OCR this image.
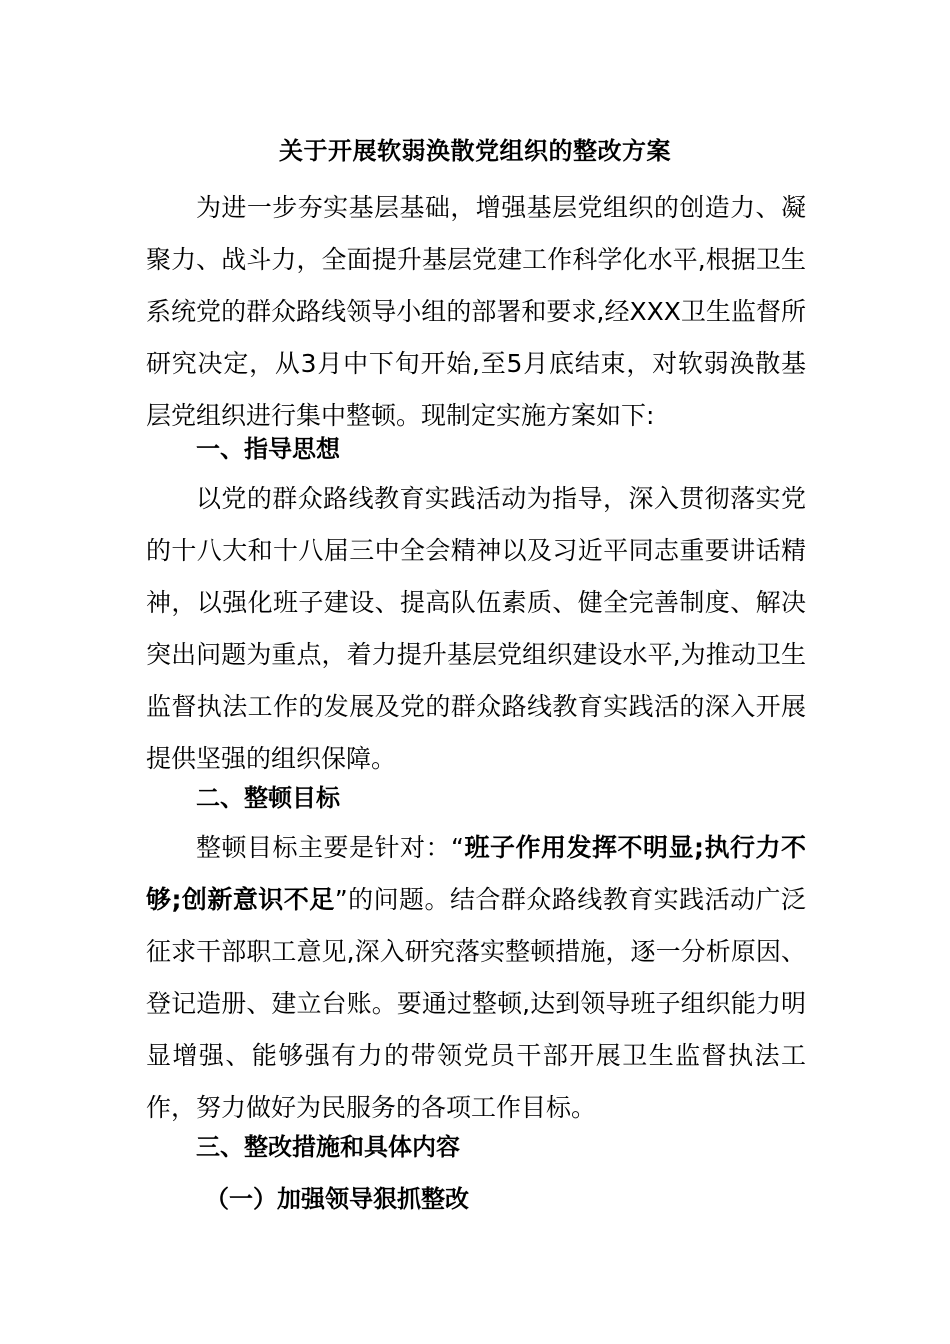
关于开展软弱涣散党组织的整改方案

为进一步夯实基层基础，增强基层党组织的创造力、凝聚力、战斗力，全面提升基层党建工作科学化水平,根据卫生系统党的群众路线领导小组的部署和要求,经XXX卫生监督所研究决定，从3月中下旬开始,至5月底结束，对软弱涣散基层党组织进行集中整顿。现制定实施方案如下:

一、指导思想

以党的群众路线教育实践活动为指导，深入贯彻落实党的十八大和十八届三中全会精神以及习近平同志重要讲话精神，以强化班子建设、提高队伍素质、健全完善制度、解决突出问题为重点，着力提升基层党组织建设水平,为推动卫生监督执法工作的发展及党的群众路线教育实践活的深入开展提供坚强的组织保障。

二、整顿目标

整顿目标主要是针对：“班子作用发挥不明显;执行力不够;创新意识不足”的问题。结合群众路线教育实践活动广泛征求干部职工意见,深入研究落实整顿措施，逐一分析原因、登记造册、建立台账。要通过整顿,达到领导班子组织能力明显增强、能够强有力的带领党员干部开展卫生监督执法工作，努力做好为民服务的各项工作目标。

三、整改措施和具体内容

（一）加强领导狠抓整改
